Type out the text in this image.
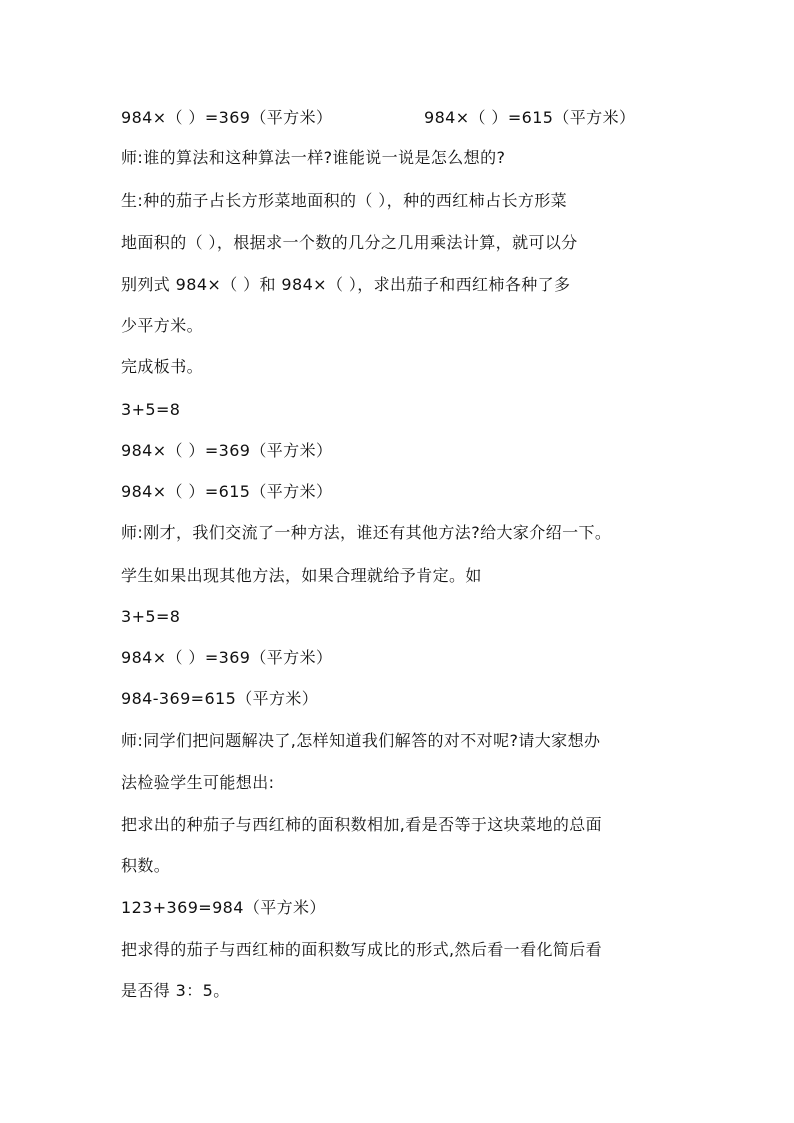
984×（ ）=369（平方米）	984×（ ）=615（平方米）
师:谁的算法和这种算法一样?谁能说一说是怎么想的?
生:种的茄子占长方形菜地面积的（ ），种的西红柿占长方形菜
地面积的（ ），根据求一个数的几分之几用乘法计算，就可以分
别列式 984×（ ）和 984×（ ），求出茄子和西红柿各种了多
少平方米。
完成板书。
3+5=8
984×（ ）=369（平方米）
984×（ ）=615（平方米）
师:刚才，我们交流了一种方法，谁还有其他方法?给大家介绍一下。
学生如果出现其他方法，如果合理就给予肯定。如
3+5=8
984×（ ）=369（平方米）
984-369=615（平方米）
师:同学们把问题解决了,怎样知道我们解答的对不对呢?请大家想办
法检验学生可能想出:
把求出的种茄子与西红柿的面积数相加,看是否等于这块菜地的总面
积数。
123+369=984（平方米）
把求得的茄子与西红柿的面积数写成比的形式,然后看一看化简后看
是否得 3：5。
